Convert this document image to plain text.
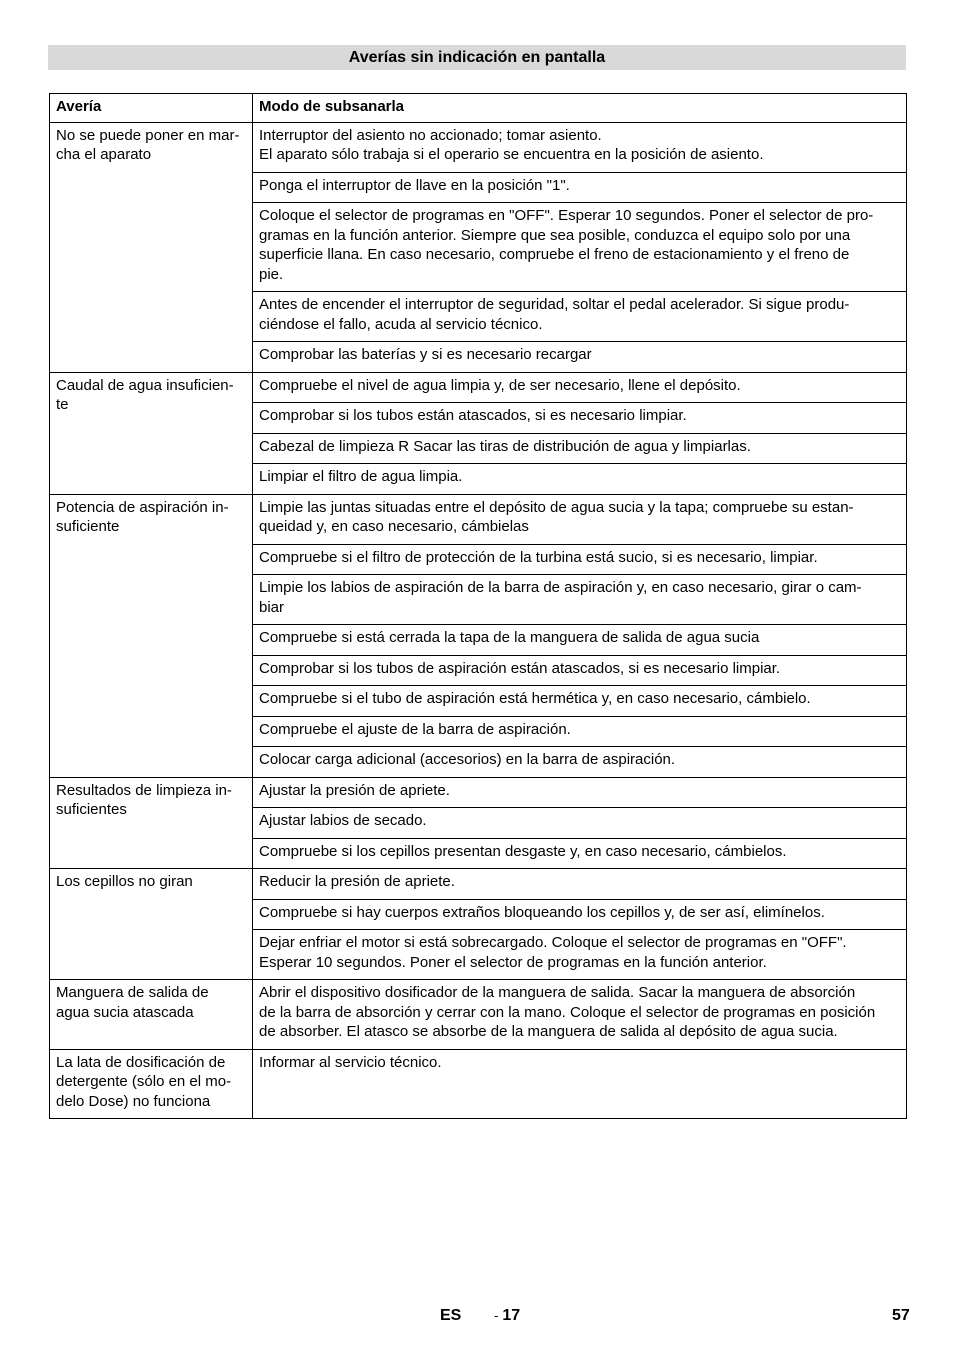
Averías sin indicación en pantalla
Avería	Modo de subsanarla
No se puede poner en mar-
cha el aparato	Interruptor del asiento no accionado; tomar asiento.
El aparato sólo trabaja si el operario se encuentra en la posición de asiento.
	Ponga el interruptor de llave en la posición "1".
	Coloque el selector de programas en "OFF". Esperar 10 segundos. Poner el selector de pro-
gramas en la función anterior. Siempre que sea posible, conduzca el equipo solo por una
superficie llana. En caso necesario, compruebe el freno de estacionamiento y el freno de
pie.
	Antes de encender el interruptor de seguridad, soltar el pedal acelerador. Si sigue produ-
ciéndose el fallo, acuda al servicio técnico.
	Comprobar las baterías y si es necesario recargar
Caudal de agua insuficien-
te	Compruebe el nivel de agua limpia y, de ser necesario, llene el depósito.
	Comprobar si los tubos están atascados, si es necesario limpiar.
	Cabezal de limpieza R Sacar las tiras de distribución de agua y limpiarlas.
	Limpiar el filtro de agua limpia.
Potencia de aspiración in-
suficiente	Limpie las juntas situadas entre el depósito de agua sucia y la tapa; compruebe su estan-
queidad y, en caso necesario, cámbielas
	Compruebe si el filtro de protección de la turbina está sucio, si es necesario, limpiar.
	Limpie los labios de aspiración de la barra de aspiración y, en caso necesario, girar o cam-
biar
	Compruebe si está cerrada la tapa de la manguera de salida de agua sucia
	Comprobar si los tubos de aspiración están atascados, si es necesario limpiar.
	Compruebe si el tubo de aspiración está hermética y, en caso necesario, cámbielo.
	Compruebe el ajuste de la barra de aspiración.
	Colocar carga adicional (accesorios) en la barra de aspiración.
Resultados de limpieza in-
suficientes	Ajustar la presión de apriete.
	Ajustar labios de secado.
	Compruebe si los cepillos presentan desgaste y, en caso necesario, cámbielos.
Los cepillos no giran	Reducir la presión de apriete.
	Compruebe si hay cuerpos extraños bloqueando los cepillos y, de ser así, elimínelos.
	Dejar enfriar el motor si está sobrecargado. Coloque el selector de programas en "OFF".
Esperar 10 segundos. Poner el selector de programas en la función anterior.
Manguera de salida de
agua sucia atascada	Abrir el dispositivo dosificador de la manguera de salida. Sacar la manguera de absorción
de la barra de absorción y cerrar con la mano. Coloque el selector de programas en posición
de absorber. El atasco se absorbe de la manguera de salida al depósito de agua sucia.
La lata de dosificación de
detergente (sólo en el mo-
delo Dose) no funciona	Informar al servicio técnico.
ES	- 17	57
